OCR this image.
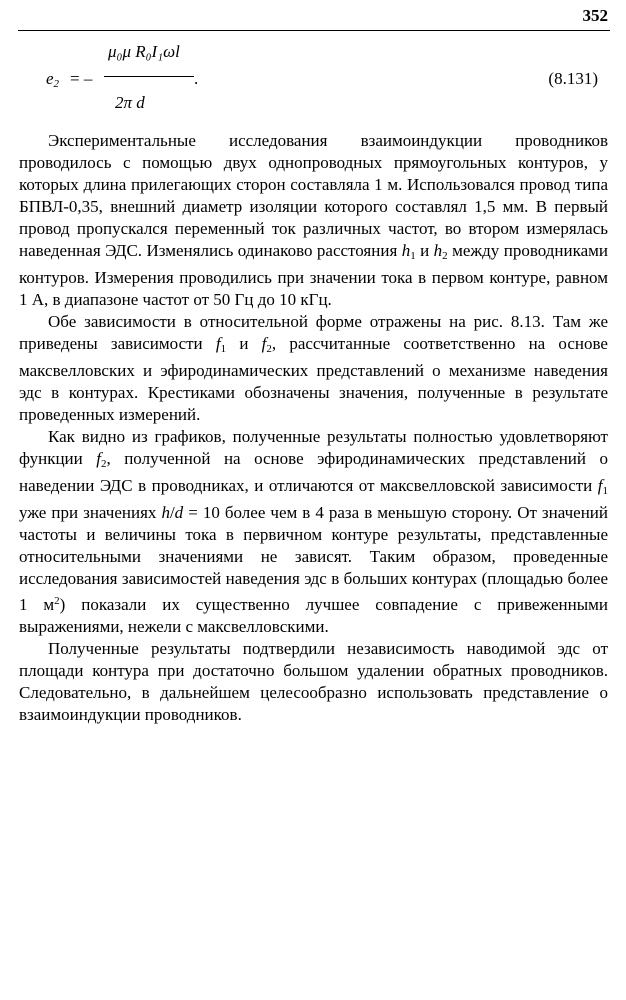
352
$e_2$ = –
μ₀μ R₀I₁ωl
.
2π d
(8.131)

Экспериментальные исследования взаимоиндукции проводников проводилось с помощью двух однопроводных прямоугольных контуров, у которых длина прилегающих сторон составляла 1 м. Использовался провод типа БПВЛ-0,35, внешний диаметр изоляции которого составлял 1,5 мм. В первый провод пропускался переменный ток различных частот, во втором измерялась наведенная ЭДС. Изменялись одинаково расстояния $h_1$ и $h_2$ между проводниками контуров. Измерения проводились при значении тока в первом контуре, равном 1 А, в диапазоне частот от 50 Гц до 10 кГц.

Обе зависимости в относительной форме отражены на рис. 8.13. Там же приведены зависимости $f_1$ и $f_2$, рассчитанные соответственно на основе максвелловских и эфиродинамических представлений о механизме наведения эдс в контурах. Крестиками обозначены значения, полученные в результате проведенных измерений.

Как видно из графиков, полученные результаты полностью удовлетворяют функции $f_2$, полученной на основе эфиродинамических представлений о наведении ЭДС в проводниках, и отличаются от максвелловской зависимости $f_1$ уже при значениях h/d = 10 более чем в 4 раза в меньшую сторону. От значений частоты и величины тока в первичном контуре результаты, представленные относительными значениями не зависят. Таким образом, проведенные исследования зависимостей наведения эдс в больших контурах (площадью более 1 $м^2$) показали их существенно лучшее совпадение с привеженными выражениями, нежели с максвелловскими.

Полученные результаты подтвердили независимость наводимой эдс от площади контура при достаточно большом удалении обратных проводников. Следовательно, в дальнейшем целесообразно использовать представление о взаимоиндукции проводников.
